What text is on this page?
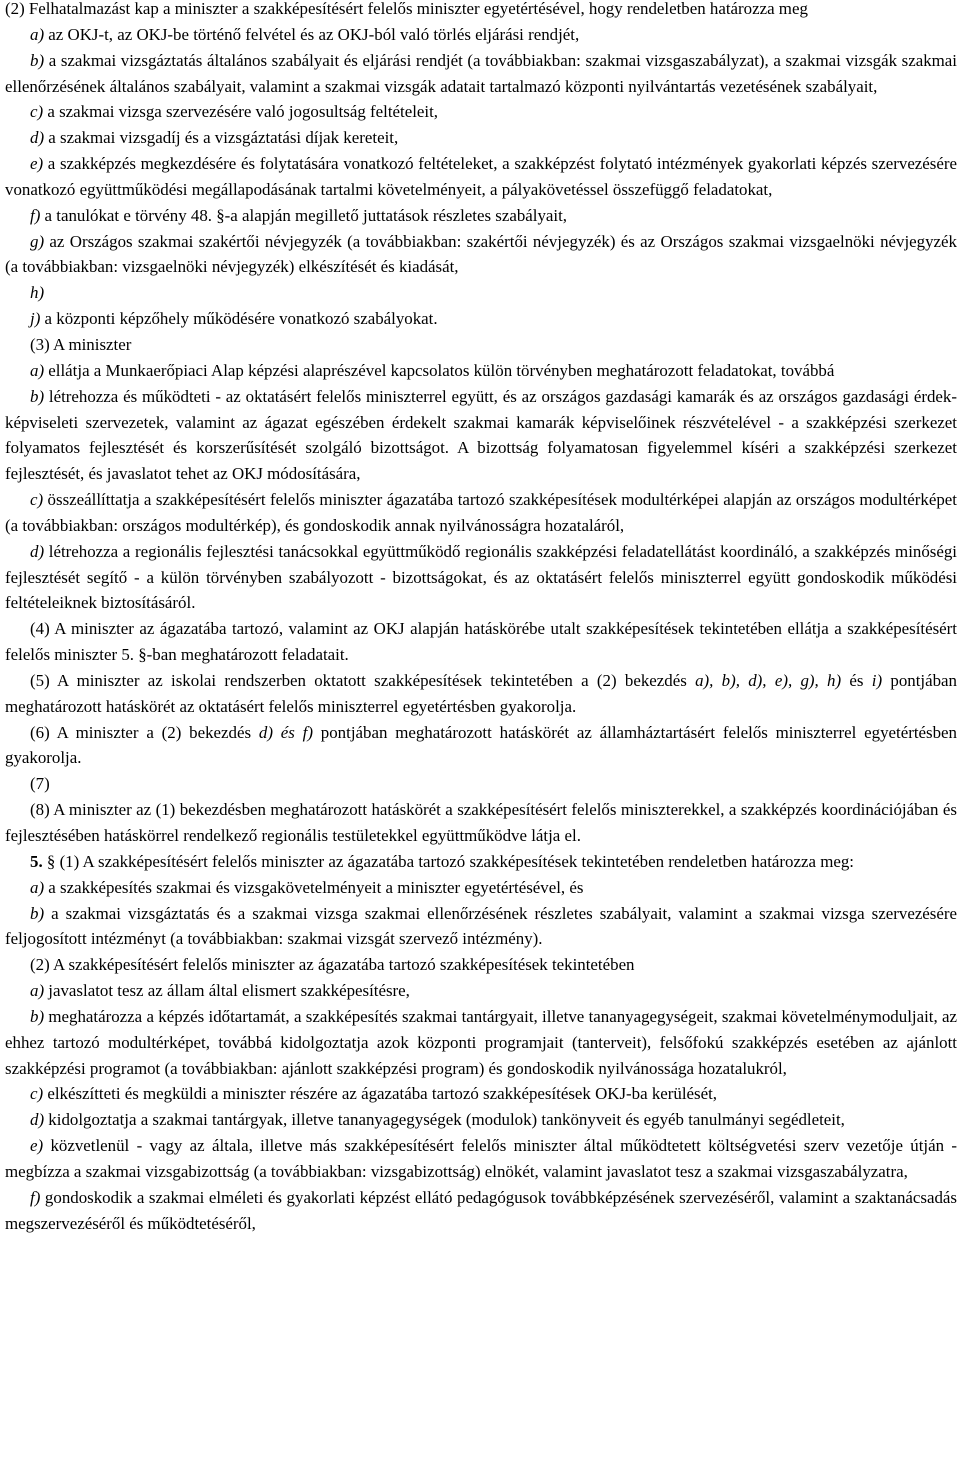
(2) Felhatalmazást kap a miniszter a szakképesítésért felelős miniszter egyetértésével, hogy rendeletben határozza meg

a) az OKJ-t, az OKJ-be történő felvétel és az OKJ-ból való törlés eljárási rendjét,

b) a szakmai vizsgáztatás általános szabályait és eljárási rendjét (a továbbiakban: szakmai vizsgaszabályzat), a szakmai vizsgák szakmai ellenőrzésének általános szabályait, valamint a szakmai vizsgák adatait tartalmazó központi nyilvántartás vezetésének szabályait,

c) a szakmai vizsga szervezésére való jogosultság feltételeit,

d) a szakmai vizsgadíj és a vizsgáztatási díjak kereteit,

e) a szakképzés megkezdésére és folytatására vonatkozó feltételeket, a szakképzést folytató intézmények gyakorlati képzés szervezésére vonatkozó együttműködési megállapodásának tartalmi követelményeit, a pályakövetéssel összefüggő feladatokat,

f) a tanulókat e törvény 48. §-a alapján megillető juttatások részletes szabályait,

g) az Országos szakmai szakértői névjegyzék (a továbbiakban: szakértői névjegyzék) és az Országos szakmai vizsgaelnöki névjegyzék (a továbbiakban: vizsgaelnöki névjegyzék) elkészítését és kiadását,

h)

j) a központi képzőhely működésére vonatkozó szabályokat.

(3) A miniszter

a) ellátja a Munkaerőpiaci Alap képzési alaprészével kapcsolatos külön törvényben meghatározott feladatokat, továbbá

b) létrehozza és működteti - az oktatásért felelős miniszterrel együtt, és az országos gazdasági kamarák és az országos gazdasági érdek-képviseleti szervezetek, valamint az ágazat egészében érdekelt szakmai kamarák képviselőinek részvételével - a szakképzési szerkezet folyamatos fejlesztését és korszerűsítését szolgáló bizottságot. A bizottság folyamatosan figyelemmel kíséri a szakképzési szerkezet fejlesztését, és javaslatot tehet az OKJ módosítására,

c) összeállíttatja a szakképesítésért felelős miniszter ágazatába tartozó szakképesítések modultérképei alapján az országos modultérképet (a továbbiakban: országos modultérkép), és gondoskodik annak nyilvánosságra hozataláról,

d) létrehozza a regionális fejlesztési tanácsokkal együttműködő regionális szakképzési feladatellátást koordináló, a szakképzés minőségi fejlesztését segítő - a külön törvényben szabályozott - bizottságokat, és az oktatásért felelős miniszterrel együtt gondoskodik működési feltételeiknek biztosításáról.

(4) A miniszter az ágazatába tartozó, valamint az OKJ alapján hatáskörébe utalt szakképesítések tekintetében ellátja a szakképesítésért felelős miniszter 5. §-ban meghatározott feladatait.

(5) A miniszter az iskolai rendszerben oktatott szakképesítések tekintetében a (2) bekezdés a), b), d), e), g), h) és i) pontjában meghatározott hatáskörét az oktatásért felelős miniszterrel egyetértésben gyakorolja.

(6) A miniszter a (2) bekezdés d) és f) pontjában meghatározott hatáskörét az államháztartásért felelős miniszterrel egyetértésben gyakorolja.

(7)

(8) A miniszter az (1) bekezdésben meghatározott hatáskörét a szakképesítésért felelős miniszterekkel, a szakképzés koordinációjában és fejlesztésében hatáskörrel rendelkező regionális testületekkel együttműködve látja el.

5. § (1) A szakképesítésért felelős miniszter az ágazatába tartozó szakképesítések tekintetében rendeletben határozza meg:

a) a szakképesítés szakmai és vizsgakövetelményeit a miniszter egyetértésével, és

b) a szakmai vizsgáztatás és a szakmai vizsga szakmai ellenőrzésének részletes szabályait, valamint a szakmai vizsga szervezésére feljogosított intézményt (a továbbiakban: szakmai vizsgát szervező intézmény).

(2) A szakképesítésért felelős miniszter az ágazatába tartozó szakképesítések tekintetében

a) javaslatot tesz az állam által elismert szakképesítésre,

b) meghatározza a képzés időtartamát, a szakképesítés szakmai tantárgyait, illetve tananyagegységeit, szakmai követelménymoduljait, az ehhez tartozó modultérképet, továbbá kidolgoztatja azok központi programjait (tanterveit), felsőfokú szakképzés esetében az ajánlott szakképzési programot (a továbbiakban: ajánlott szakképzési program) és gondoskodik nyilvánossága hozatalukról,

c) elkészítteti és megküldi a miniszter részére az ágazatába tartozó szakképesítések OKJ-ba kerülését,

d) kidolgoztatja a szakmai tantárgyak, illetve tananyagegységek (modulok) tankönyveit és egyéb tanulmányi segédleteit,

e) közvetlenül - vagy az általa, illetve más szakképesítésért felelős miniszter által működtetett költségvetési szerv vezetője útján - megbízza a szakmai vizsgabizottság (a továbbiakban: vizsgabizottság) elnökét, valamint javaslatot tesz a szakmai vizsgaszabályzatra,

f) gondoskodik a szakmai elméleti és gyakorlati képzést ellátó pedagógusok továbbképzésének szervezéséről, valamint a szaktanácsadás megszervezéséről és működtetéséről,
